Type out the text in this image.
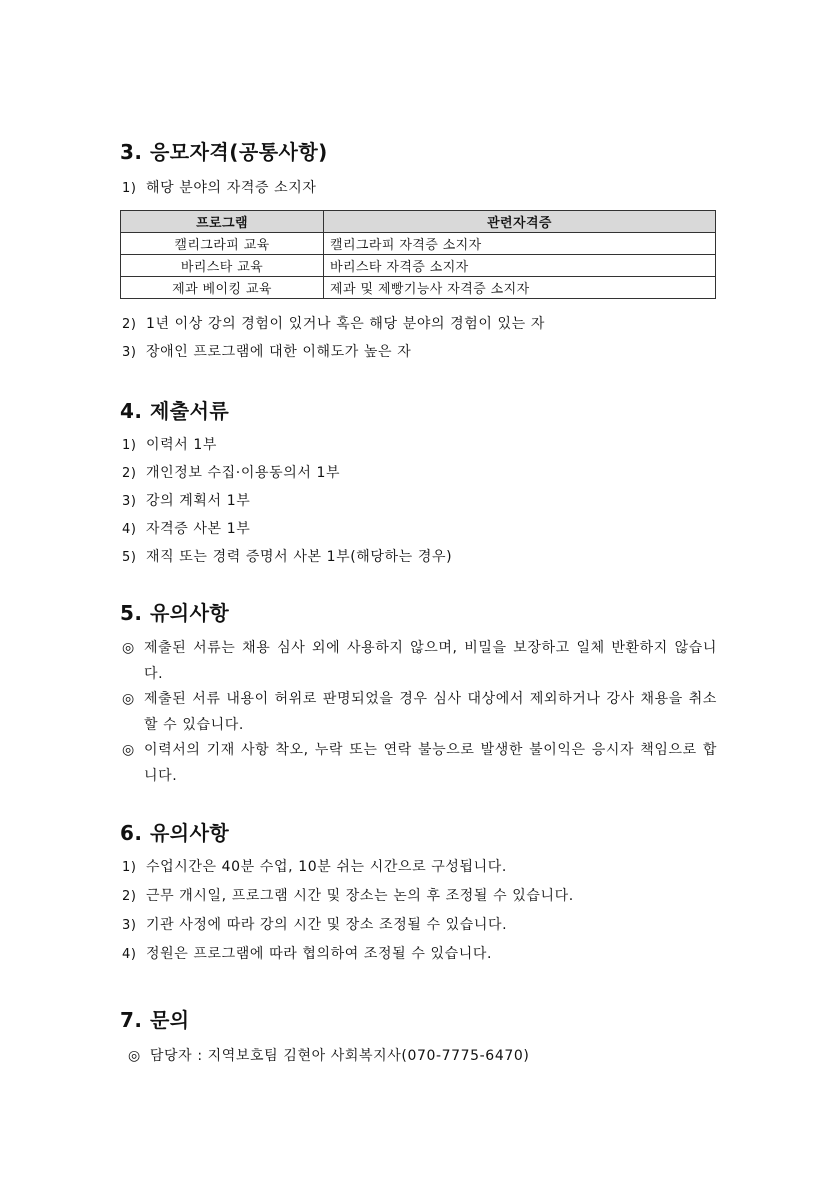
3. 응모자격(공통사항)
1) 해당 분야의 자격증 소지자
프로그램	관련자격증
캘리그라피 교육	캘리그라피 자격증 소지자
바리스타 교육	바리스타 자격증 소지자
제과 베이킹 교육	제과 및 제빵기능사 자격증 소지자
2) 1년 이상 강의 경험이 있거나 혹은 해당 분야의 경험이 있는 자
3) 장애인 프로그램에 대한 이해도가 높은 자
4. 제출서류
1) 이력서 1부
2) 개인정보 수집·이용동의서 1부
3) 강의 계획서 1부
4) 자격증 사본 1부
5) 재직 또는 경력 증명서 사본 1부(해당하는 경우)
5. 유의사항
◎ 제출된 서류는 채용 심사 외에 사용하지 않으며, 비밀을 보장하고 일체 반환하지 않습니다.
◎ 제출된 서류 내용이 허위로 판명되었을 경우 심사 대상에서 제외하거나 강사 채용을 취소할 수 있습니다.
◎ 이력서의 기재 사항 착오, 누락 또는 연락 불능으로 발생한 불이익은 응시자 책임으로 합니다.
6. 유의사항
1) 수업시간은 40분 수업, 10분 쉬는 시간으로 구성됩니다.
2) 근무 개시일, 프로그램 시간 및 장소는 논의 후 조정될 수 있습니다.
3) 기관 사정에 따라 강의 시간 및 장소 조정될 수 있습니다.
4) 정원은 프로그램에 따라 협의하여 조정될 수 있습니다.
7. 문의
◎ 담당자 : 지역보호팀 김현아 사회복지사(070-7775-6470)
